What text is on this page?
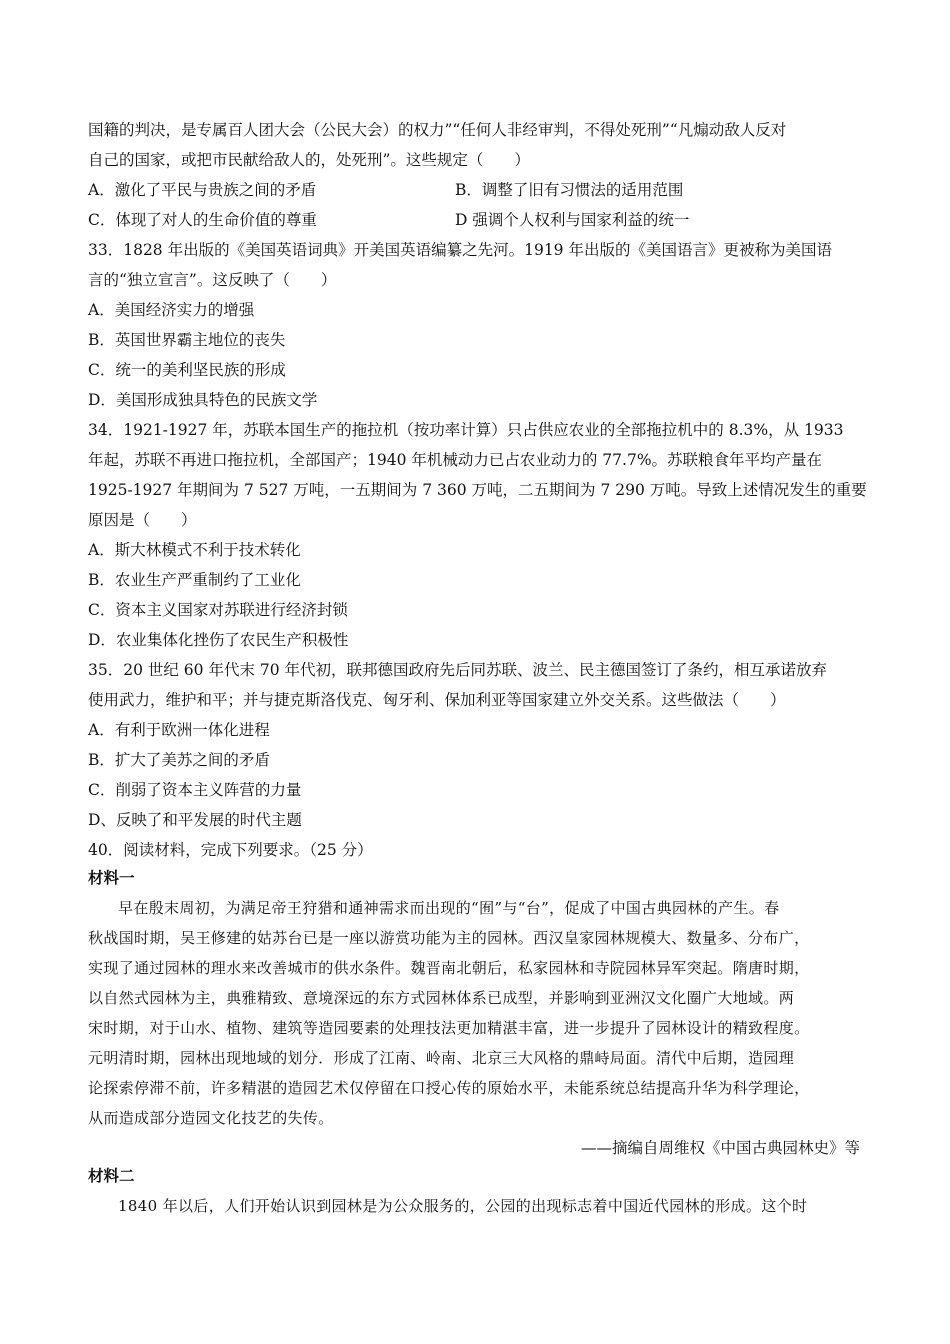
国籍的判决，是专属百人团大会（公民大会）的权力”“任何人非经审判，不得处死刑”“凡煽动敌人反对
自己的国家，或把市民献给敌人的，处死刑”。这些规定（　　）
A．激化了平民与贵族之间的矛盾	B．调整了旧有习惯法的适用范围
C．体现了对人的生命价值的尊重	D 强调个人权利与国家利益的统一
33．1828 年出版的《美国英语词典》开美国英语编纂之先河。1919 年出版的《美国语言》更被称为美国语
言的“独立宣言”。这反映了（　　）
A．美国经济实力的增强
B．英国世界霸主地位的丧失
C．统一的美利坚民族的形成
D．美国形成独具特色的民族文学
34．1921-1927 年，苏联本国生产的拖拉机（按功率计算）只占供应农业的全部拖拉机中的 8.3%，从 1933
年起，苏联不再进口拖拉机，全部国产；1940 年机械动力已占农业动力的 77.7%。苏联粮食年平均产量在
1925-1927 年期间为 7 527 万吨，一五期间为 7 360 万吨，二五期间为 7 290 万吨。导致上述情况发生的重要
原因是（　　）
A．斯大林模式不利于技术转化
B．农业生产严重制约了工业化
C．资本主义国家对苏联进行经济封锁
D．农业集体化挫伤了农民生产积极性
35．20 世纪 60 年代末 70 年代初，联邦德国政府先后同苏联、波兰、民主德国签订了条约，相互承诺放弃
使用武力，维护和平；并与捷克斯洛伐克、匈牙利、保加利亚等国家建立外交关系。这些做法（　　）
A．有利于欧洲一体化进程
B．扩大了美苏之间的矛盾
C．削弱了资本主义阵营的力量
D、反映了和平发展的时代主题
40．阅读材料，完成下列要求。（25 分）
材料一
早在殷末周初，为满足帝王狩猎和通神需求而出现的“囿”与“台”，促成了中国古典园林的产生。春
秋战国时期，吴王修建的姑苏台已是一座以游赏功能为主的园林。西汉皇家园林规模大、数量多、分布广，
实现了通过园林的理水来改善城市的供水条件。魏晋南北朝后，私家园林和寺院园林异军突起。隋唐时期，
以自然式园林为主，典雅精致、意境深远的东方式园林体系已成型，并影响到亚洲汉文化圈广大地域。两
宋时期，对于山水、植物、建筑等造园要素的处理技法更加精湛丰富，进一步提升了园林设计的精致程度。
元明清时期，园林出现地域的划分．形成了江南、岭南、北京三大风格的鼎峙局面。清代中后期，造园理
论探索停滞不前，许多精湛的造园艺术仅停留在口授心传的原始水平，未能系统总结提高升华为科学理论，
从而造成部分造园文化技艺的失传。
——摘编自周维权《中国古典园林史》等
材料二
1840 年以后，人们开始认识到园林是为公众服务的，公园的出现标志着中国近代园林的形成。这个时
